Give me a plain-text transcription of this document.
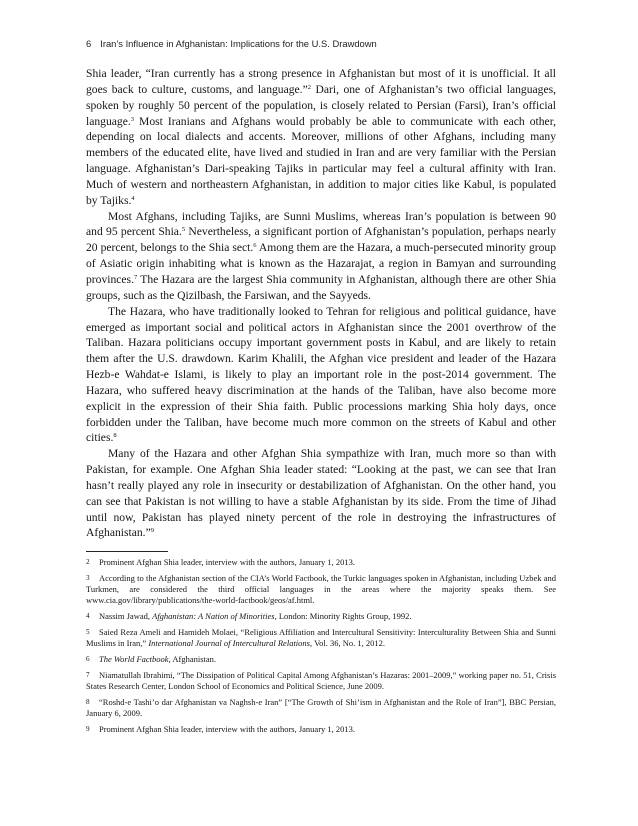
6 Iran’s Influence in Afghanistan: Implications for the U.S. Drawdown

Shia leader, “Iran currently has a strong presence in Afghanistan but most of it is unofficial. It all goes back to culture, customs, and language.”$^2$ Dari, one of Afghanistan’s two official languages, spoken by roughly 50 percent of the population, is closely related to Persian (Farsi), Iran’s official language.$^3$ Most Iranians and Afghans would probably be able to communicate with each other, depending on local dialects and accents. Moreover, millions of other Afghans, including many members of the educated elite, have lived and studied in Iran and are very familiar with the Persian language. Afghanistan’s Dari-speaking Tajiks in particular may feel a cultural affinity with Iran. Much of western and northeastern Afghanistan, in addition to major cities like Kabul, is populated by Tajiks.$^4$

Most Afghans, including Tajiks, are Sunni Muslims, whereas Iran’s population is between 90 and 95 percent Shia.$^5$ Nevertheless, a significant portion of Afghanistan’s population, perhaps nearly 20 percent, belongs to the Shia sect.$^6$ Among them are the Hazara, a much-persecuted minority group of Asiatic origin inhabiting what is known as the Hazarajat, a region in Bamyan and surrounding provinces.$^7$ The Hazara are the largest Shia community in Afghanistan, although there are other Shia groups, such as the Qizilbash, the Farsiwan, and the Sayyeds.

The Hazara, who have traditionally looked to Tehran for religious and political guidance, have emerged as important social and political actors in Afghanistan since the 2001 overthrow of the Taliban. Hazara politicians occupy important government posts in Kabul, and are likely to retain them after the U.S. drawdown. Karim Khalili, the Afghan vice president and leader of the Hazara Hezb-e Wahdat-e Islami, is likely to play an important role in the post-2014 government. The Hazara, who suffered heavy discrimination at the hands of the Taliban, have also become more explicit in the expression of their Shia faith. Public processions marking Shia holy days, once forbidden under the Taliban, have become much more common on the streets of Kabul and other cities.$^8$

Many of the Hazara and other Afghan Shia sympathize with Iran, much more so than with Pakistan, for example. One Afghan Shia leader stated: “Looking at the past, we can see that Iran hasn’t really played any role in insecurity or destabilization of Afghanistan. On the other hand, you can see that Pakistan is not willing to have a stable Afghanistan by its side. From the time of Jihad until now, Pakistan has played ninety percent of the role in destroying the infrastructures of Afghanistan.”$^9$

2 Prominent Afghan Shia leader, interview with the authors, January 1, 2013.
3 According to the Afghanistan section of the CIA’s World Factbook, the Turkic languages spoken in Afghanistan, including Uzbek and Turkmen, are considered the third official languages in the areas where the majority speaks them. See www.cia.gov/library/publications/the-world-factbook/geos/af.html.
4 Nassim Jawad, Afghanistan: A Nation of Minorities, London: Minority Rights Group, 1992.
5 Saied Reza Ameli and Hamideh Molaei, “Religious Affiliation and Intercultural Sensitivity: Interculturality Between Shia and Sunni Muslims in Iran,” International Journal of Intercultural Relations, Vol. 36, No. 1, 2012.
6 The World Factbook, Afghanistan.
7 Niamatullah Ibrahimi, “The Dissipation of Political Capital Among Afghanistan’s Hazaras: 2001–2009,” working paper no. 51, Crisis States Research Center, London School of Economics and Political Science, June 2009.
8 “Roshd-e Tashi’o dar Afghanistan va Naghsh-e Iran” [“The Growth of Shi’ism in Afghanistan and the Role of Iran”], BBC Persian, January 6, 2009.
9 Prominent Afghan Shia leader, interview with the authors, January 1, 2013.
